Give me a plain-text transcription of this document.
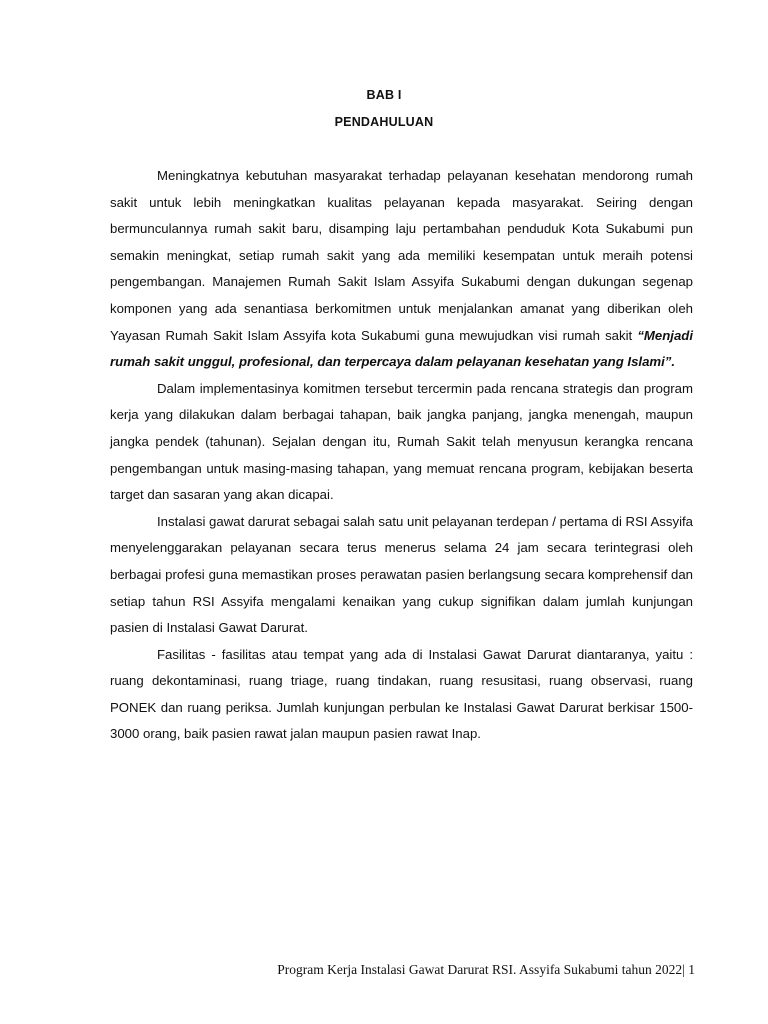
BAB I
PENDAHULUAN

Meningkatnya kebutuhan masyarakat terhadap pelayanan kesehatan mendorong rumah sakit untuk lebih meningkatkan kualitas pelayanan kepada masyarakat. Seiring dengan bermunculannya rumah sakit baru, disamping laju pertambahan penduduk Kota Sukabumi pun semakin meningkat, setiap rumah sakit yang ada memiliki kesempatan untuk meraih potensi pengembangan. Manajemen Rumah Sakit Islam Assyifa Sukabumi dengan dukungan segenap komponen yang ada senantiasa berkomitmen untuk menjalankan amanat yang diberikan oleh Yayasan Rumah Sakit Islam Assyifa kota Sukabumi guna mewujudkan visi rumah sakit “Menjadi rumah sakit unggul, profesional, dan terpercaya dalam pelayanan kesehatan yang Islami”.

Dalam implementasinya komitmen tersebut tercermin pada rencana strategis dan program kerja yang dilakukan dalam berbagai tahapan, baik jangka panjang, jangka menengah, maupun jangka pendek (tahunan). Sejalan dengan itu, Rumah Sakit telah menyusun kerangka rencana pengembangan untuk masing-masing tahapan, yang memuat rencana program, kebijakan beserta target dan sasaran yang akan dicapai.

Instalasi gawat darurat sebagai salah satu unit pelayanan terdepan / pertama di RSI Assyifa menyelenggarakan pelayanan secara terus menerus selama 24 jam secara terintegrasi oleh berbagai profesi guna memastikan proses perawatan pasien berlangsung secara komprehensif dan setiap tahun RSI Assyifa mengalami kenaikan yang cukup signifikan dalam jumlah kunjungan pasien di Instalasi Gawat Darurat.

Fasilitas - fasilitas atau tempat yang ada di Instalasi Gawat Darurat diantaranya, yaitu : ruang dekontaminasi, ruang triage, ruang tindakan, ruang resusitasi, ruang observasi, ruang PONEK dan ruang periksa. Jumlah kunjungan perbulan ke Instalasi Gawat Darurat berkisar 1500-3000 orang, baik pasien rawat jalan maupun pasien rawat Inap.

Program Kerja Instalasi Gawat Darurat RSI. Assyifa Sukabumi tahun 2022| 1
